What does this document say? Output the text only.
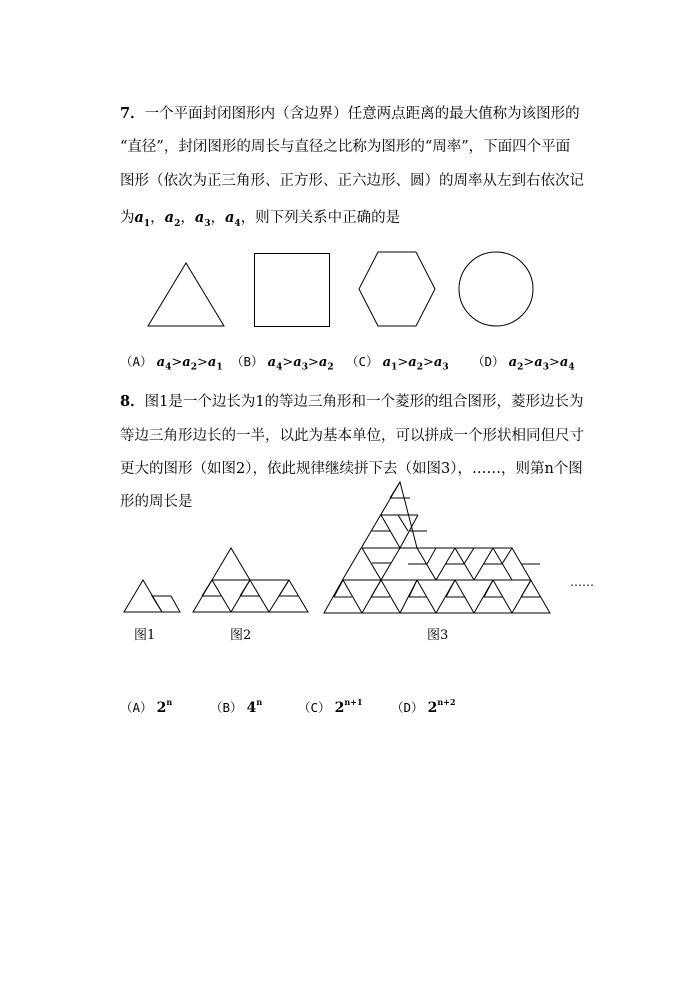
7．一个平面封闭图形内（含边界）任意两点距离的最大值称为该图形的
“直径”，封闭图形的周长与直径之比称为图形的“周率”，下面四个平面
图形（依次为正三角形、正方形、正六边形、圆）的周率从左到右依次记
为$a_1$，$a_2$，$a_3$，$a_4$，则下列关系中正确的是
（A） $a_4>a_2>a_1$ （B） $a_4>a_3>a_2$ （C） $a_1>a_2>a_3$ （D） $a_2>a_3>a_4$
8．图1是一个边长为1的等边三角形和一个菱形的组合图形，菱形边长为
等边三角形边长的一半，以此为基本单位，可以拼成一个形状相同但尺寸
更大的图形（如图2），依此规律继续拼下去（如图3），……，则第n个图
形的周长是
……
图1	图2	图3
（A） 2$^n$	（B） 4$^n$	（C） $2^{n+1}$ （D） $2^{n+2}$
